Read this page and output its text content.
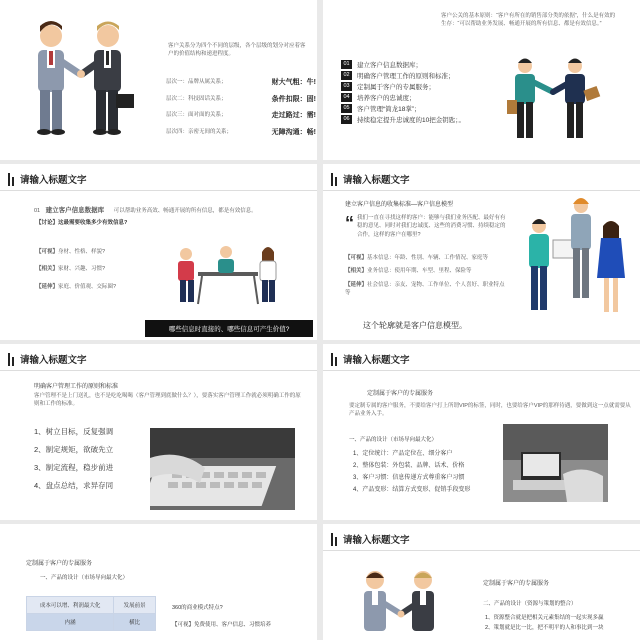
客户关系分为四个不同的层级，各个层级的划分对应着客户的价值结构和递进程度。
层次一：品牌从属关系；	财大气粗：牛!
层次二：科技固话关系；	条件扣限：固!
层次三：面对面的关系；	走过路过：需!
层次四：亲密无间的关系；	无障沟通：畅!
客户公关的基本原则：“客户有所在的销售部分类的依据”，什么是有效的
生存：“可以帮助业务发展、畅通开展的所有信息、都是有效信息。”
01	建立客户信息数据库；
02	明确客户管理工作的原则和标准；
03	定制属于客户的专属服务；
04	培养客户的忠诚度；
05	客户管理“简龙18掌”；
06	持续稳定提升忠诚度的10把金钥匙；。
请输入标题文字
01 建立客户信息数据库 可以帮助业务高效、畅通开展的所有信息，都是有效信息。
【讨论】这最需要收集多少有效信息?
【可视】身材、性格、样貌?
【相关】家财、兴趣、习惯?
【延伸】家庭、价值观、交际圈?
哪些信息时直接的、哪些信息可产生价值?
请输入标题文字
建立客户信息的收集标准—客户信息模型
“ 我们一直在寻找这样的客户：能够与我们业务匹配、最好有有稳的意见、同时对我们忠诚度、这些的消费习惯、持续稳定的合作，这样的客户在哪里?
【可视】基本信息：年龄、性别、车辆、工作情况、家庭等
【相关】业务信息：使用年期、车型、里程、保险等
【延伸】社会信息：亲友、宠物、工作单位、个人喜好、职业特点等
这个轮廓就是客户信息模型。
请输入标题文字
明确客户管理工作的原则和标准
客户管理不是上门送礼，也不是吃吃喝喝（客户管理到底做什么？），要落实客户管理工作就必须明确工作的原则和工作的标准。
1、树立目标，反复强调
2、制定规矩，欲破先立
3、制定流程，稳步前进
4、盘点总结，求异存同
请输入标题文字
定制属于客户的专属服务
要定制专属的客户服务，不要给客户打上所谓VIP的标签，同时，也要给客户VIP的那样待遇，要做到这一点就需要从产品业务入手。
一、产品的设计（市场导向最大化）
1、定位统计：产品定位在、细分客户
2、整体包装：外包装、品牌、话术、价格
3、客户习惯：信息传递方式尊重客户习惯
4、产品变形：结算方式变形、促销手段变形
定制属于客户的专属服务
一、产品的设计（市场导向最大化）
成本可以增、利润最大化	发展前景
内涵	横比
360的商业模式特点?
【可视】免费使用、客户信息、习惯培养
请输入标题文字
定制属于客户的专属服务
二、产品的设计（资源与策划的整合）
1、资源整合就是把相关元素集结的一起实现多赢
2、策划就是比一比，把不明平的人和事比到一块
